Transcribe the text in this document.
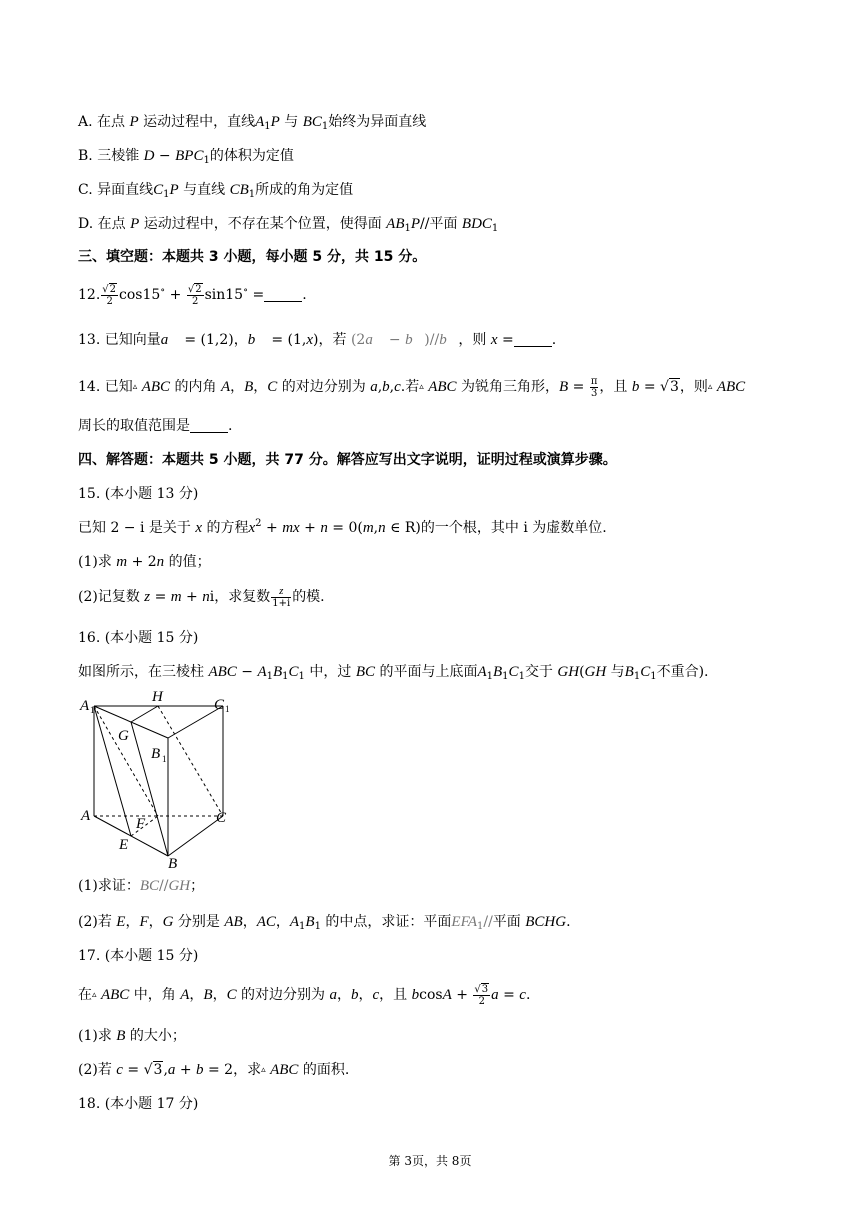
A. 在点 P 运动过程中，直线$A_1P$ 与 $BC_1$始终为异面直线
B. 三棱锥 $D - BPC_1$的体积为定值
C. 异面直线$C_1P$ 与直线 $CB_1$所成的角为定值
D. 在点 P 运动过程中，不存在某个位置，使得面 $AB_1P//$平面 $BDC_1$
三、填空题：本题共 3 小题，每小题 5 分，共 15 分。
12. $\frac{√2}{2} \cos 15^\circ + \frac{√2}{2} \sin 15^\circ$ =	.
13. 已知向量a⃗ = (1,2)，b⃗ = (1,x)，若 (2a⃗ − b⃗)//b⃗，则 x =	.
14. 已知▵ ABC 的内角 A，B，C 的对边分别为 a,b,c.若▵ ABC 为锐角三角形，$B = \frac{\pi}{3}$ ，且 b = √3，则▵ ABC
周长的取值范围是	.
四、解答题：本题共 5 小题，共 77 分。解答应写出文字说明，证明过程或演算步骤。
15. (本小题 13 分)
已知 2 − i 是关于 x 的方程$x^2$ + mx + n = 0(m,n ∈ R)的一个根，其中 i 为虚数单位.
(1)求 m + 2n 的值；
(2)记复数 z = m + ni，求复数 $\frac{z}{1+i}$ 的模.
16. (本小题 15 分)
如图所示，在三棱柱 ABC − $A_1B_1C_1$ 中，过 BC 的平面与上底面$A_1B_1C_1$交于 GH(GH 与$B_1C_1$不重合).
A 1
H	C 1
G
B 1
A	F	C
E
B
(1)求证：BC//GH；
(2)若 E，F，G 分别是 AB，AC，$A_1B_1$ 的中点，求证：平面$EFA_1//$平面 BCHG.
17. (本小题 15 分)
在▵ ABC 中，角 A，B，C 的对边分别为 a，b，c，且 $bcosA + \frac{√3}{2}$ a = c.
(1)求 B 的大小；
(2)若 c = √3,a + b = 2，求▵ ABC 的面积.
18. (本小题 17 分)
第 3页，共 8页
